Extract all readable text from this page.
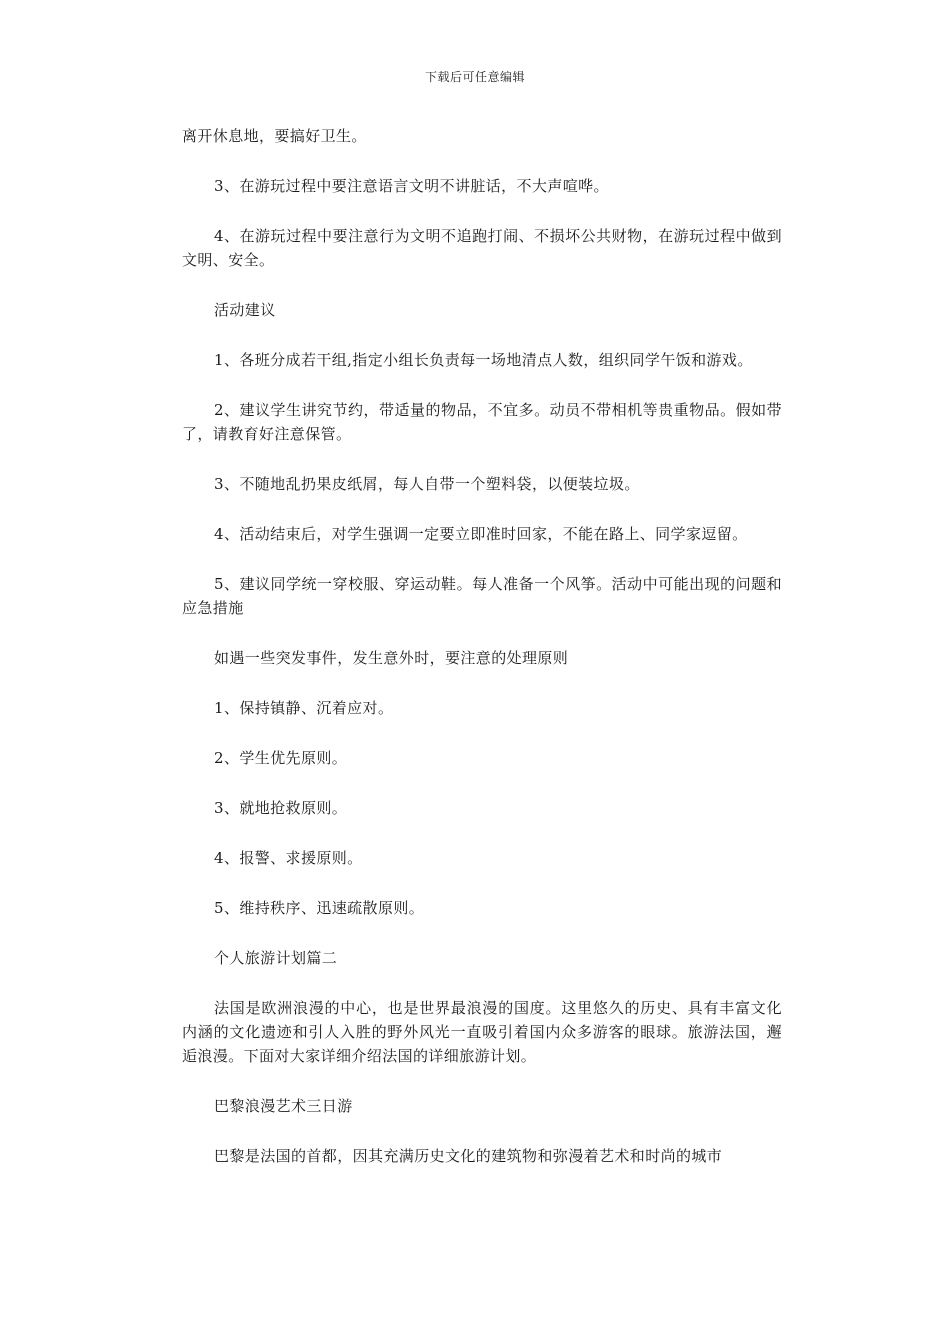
下载后可任意编辑

离开休息地，要搞好卫生。

3、在游玩过程中要注意语言文明不讲脏话，不大声喧哗。

4、在游玩过程中要注意行为文明不追跑打闹、不损坏公共财物，在游玩过程中做到文明、安全。

活动建议

1、各班分成若干组,指定小组长负责每一场地清点人数，组织同学午饭和游戏。

2、建议学生讲究节约，带适量的物品，不宜多。动员不带相机等贵重物品。假如带了，请教育好注意保管。

3、不随地乱扔果皮纸屑，每人自带一个塑料袋，以便装垃圾。

4、活动结束后，对学生强调一定要立即准时回家，不能在路上、同学家逗留。

5、建议同学统一穿校服、穿运动鞋。每人准备一个风筝。活动中可能出现的问题和应急措施

如遇一些突发事件，发生意外时，要注意的处理原则

1、保持镇静、沉着应对。

2、学生优先原则。

3、就地抢救原则。

4、报警、求援原则。

5、维持秩序、迅速疏散原则。

个人旅游计划篇二

法国是欧洲浪漫的中心，也是世界最浪漫的国度。这里悠久的历史、具有丰富文化内涵的文化遗迹和引人入胜的野外风光一直吸引着国内众多游客的眼球。旅游法国，邂逅浪漫。下面对大家详细介绍法国的详细旅游计划。

巴黎浪漫艺术三日游

巴黎是法国的首都，因其充满历史文化的建筑物和弥漫着艺术和时尚的城市
